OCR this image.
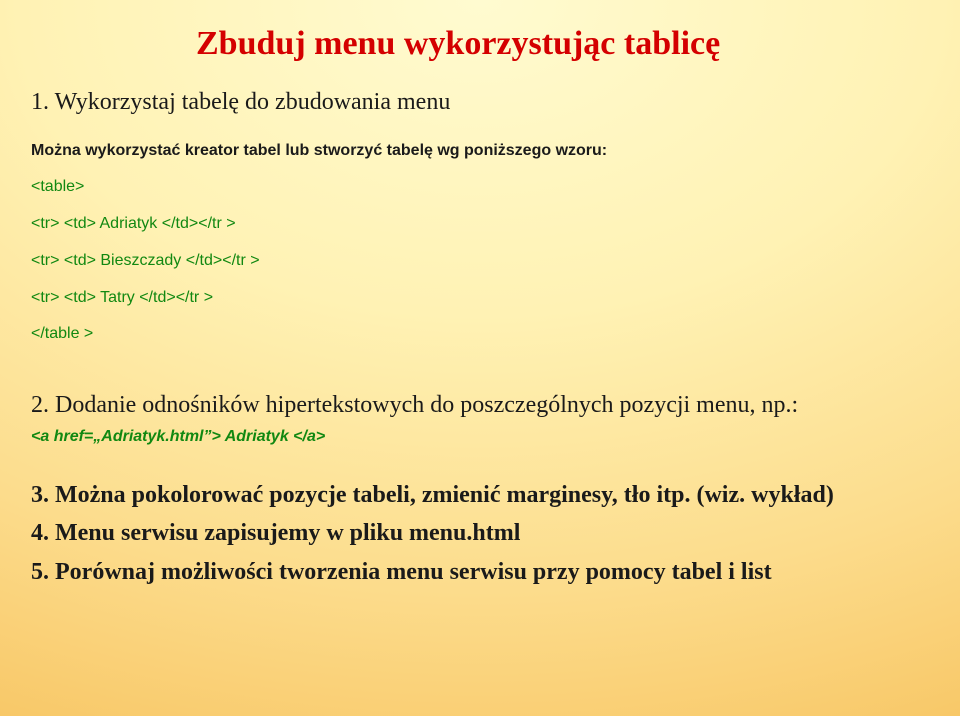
Zbuduj menu wykorzystując tablicę
1. Wykorzystaj tabelę do zbudowania menu
Można wykorzystać kreator tabel lub stworzyć tabelę wg poniższego wzoru:
<table>
<tr> <td> Adriatyk </td></tr >
<tr> <td> Bieszczady </td></tr >
<tr> <td> Tatry </td></tr >
</table >
2. Dodanie odnośników hipertekstowych do poszczególnych pozycji menu, np.:
<a href=„Adriatyk.html”> Adriatyk </a>
3. Można pokolorować pozycje tabeli, zmienić marginesy, tło itp. (wiz. wykład)
4. Menu serwisu zapisujemy w pliku menu.html
5. Porównaj możliwości tworzenia menu serwisu przy pomocy tabel i list
